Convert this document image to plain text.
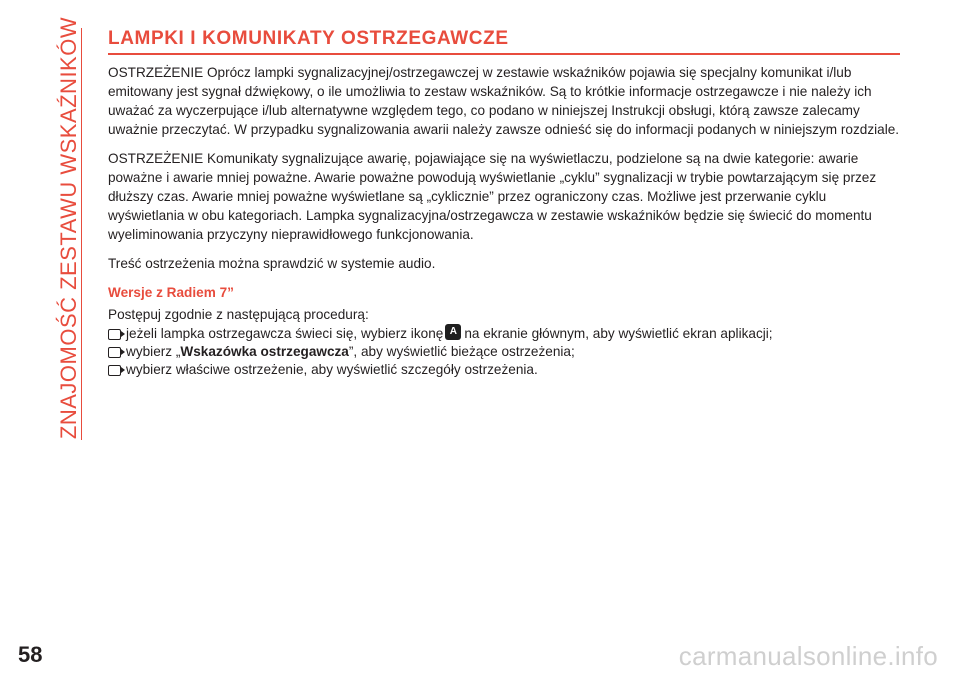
ZNAJOMOŚĆ ZESTAWU WSKAŹNIKÓW LAMPKI I KOMUNIKATY OSTRZEGAWCZE

OSTRZEŻENIE Oprócz lampki sygnalizacyjnej/ostrzegawczej w zestawie wskaźników pojawia się specjalny komunikat i/lub emitowany jest sygnał dźwiękowy, o ile umożliwia to zestaw wskaźników. Są to krótkie informacje ostrzegawcze i nie należy ich uważać za wyczerpujące i/lub alternatywne względem tego, co podano w niniejszej Instrukcji obsługi, którą zawsze zalecamy uważnie przeczytać. W przypadku sygnalizowania awarii należy zawsze odnieść się do informacji podanych w niniejszym rozdziale.

OSTRZEŻENIE Komunikaty sygnalizujące awarię, pojawiające się na wyświetlaczu, podzielone są na dwie kategorie: awarie poważne i awarie mniej poważne. Awarie poważne powodują wyświetlanie „cyklu” sygnalizacji w trybie powtarzającym się przez dłuższy czas. Awarie mniej poważne wyświetlane są „cyklicznie” przez ograniczony czas. Możliwe jest przerwanie cyklu wyświetlania w obu kategoriach. Lampka sygnalizacyjna/ostrzegawcza w zestawie wskaźników będzie się świecić do momentu wyeliminowania przyczyny nieprawidłowego funkcjonowania.

Treść ostrzeżenia można sprawdzić w systemie audio.

Wersje z Radiem 7”

Postępuj zgodnie z następującą procedurą:

jeżeli lampka ostrzegawcza świeci się, wybierz ikonę A na ekranie głównym, aby wyświetlić ekran aplikacji;
wybierz „ Wskazówka ostrzegawcza ”, aby wyświetlić bieżące ostrzeżenia;
wybierz właściwe ostrzeżenie, aby wyświetlić szczegóły ostrzeżenia.
58	carmanualsonline.info
